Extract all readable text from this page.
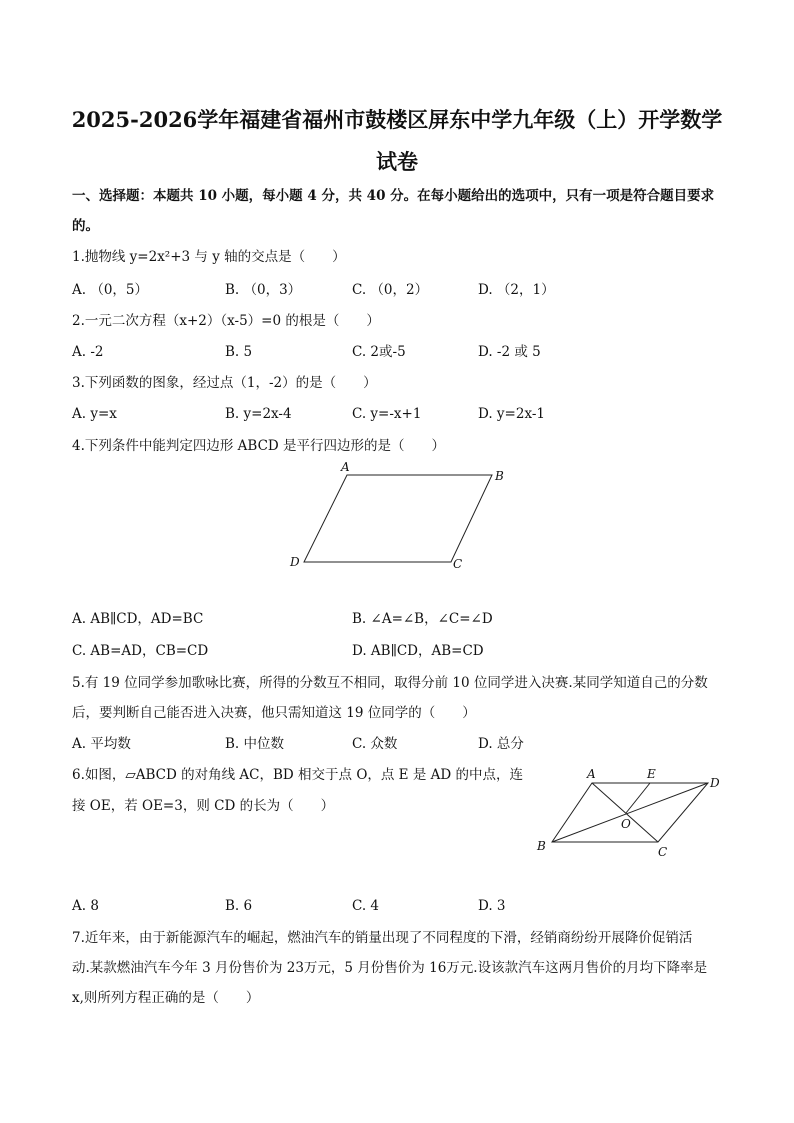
2025-2026学年福建省福州市鼓楼区屏东中学九年级（上）开学数学
试卷
一、选择题：本题共 10 小题，每小题 4 分，共 40 分。在每小题给出的选项中，只有一项是符合题目要求
的。
1.抛物线 y=2x²+3 与 y 轴的交点是（　　）
A. （0，5）	B. （0，3）	C. （0，2）	D. （2，1）
2.一元二次方程（x+2）（x-5）=0 的根是（　　）
A. -2	B. 5	C. 2或-5	D. -2 或 5
3.下列函数的图象，经过点（1，-2）的是（　　）
A. y=x	B. y=2x-4	C. y=-x+1	D. y=2x-1
4.下列条件中能判定四边形 ABCD 是平行四边形的是（　　）
A
B
C
D
A. AB∥CD，AD=BC	B. ∠A=∠B，∠C=∠D
C. AB=AD，CB=CD	D. AB∥CD，AB=CD
5.有 19 位同学参加歌咏比赛，所得的分数互不相同，取得分前 10 位同学进入决赛.某同学知道自己的分数
后，要判断自己能否进入决赛，他只需知道这 19 位同学的（　　）
A. 平均数	B. 中位数	C. 众数	D. 总分
6.如图，▱ABCD 的对角线 AC，BD 相交于点 O，点 E 是 AD 的中点，连
接 OE，若 OE=3，则 CD 的长为（　　）
A	E
D
O
B	C
A. 8	B. 6	C. 4	D. 3
7.近年来，由于新能源汽车的崛起，燃油汽车的销量出现了不同程度的下滑，经销商纷纷开展降价促销活
动.某款燃油汽车今年 3 月份售价为 23万元，5 月份售价为 16万元.设该款汽车这两月售价的月均下降率是
x,则所列方程正确的是（　　）
